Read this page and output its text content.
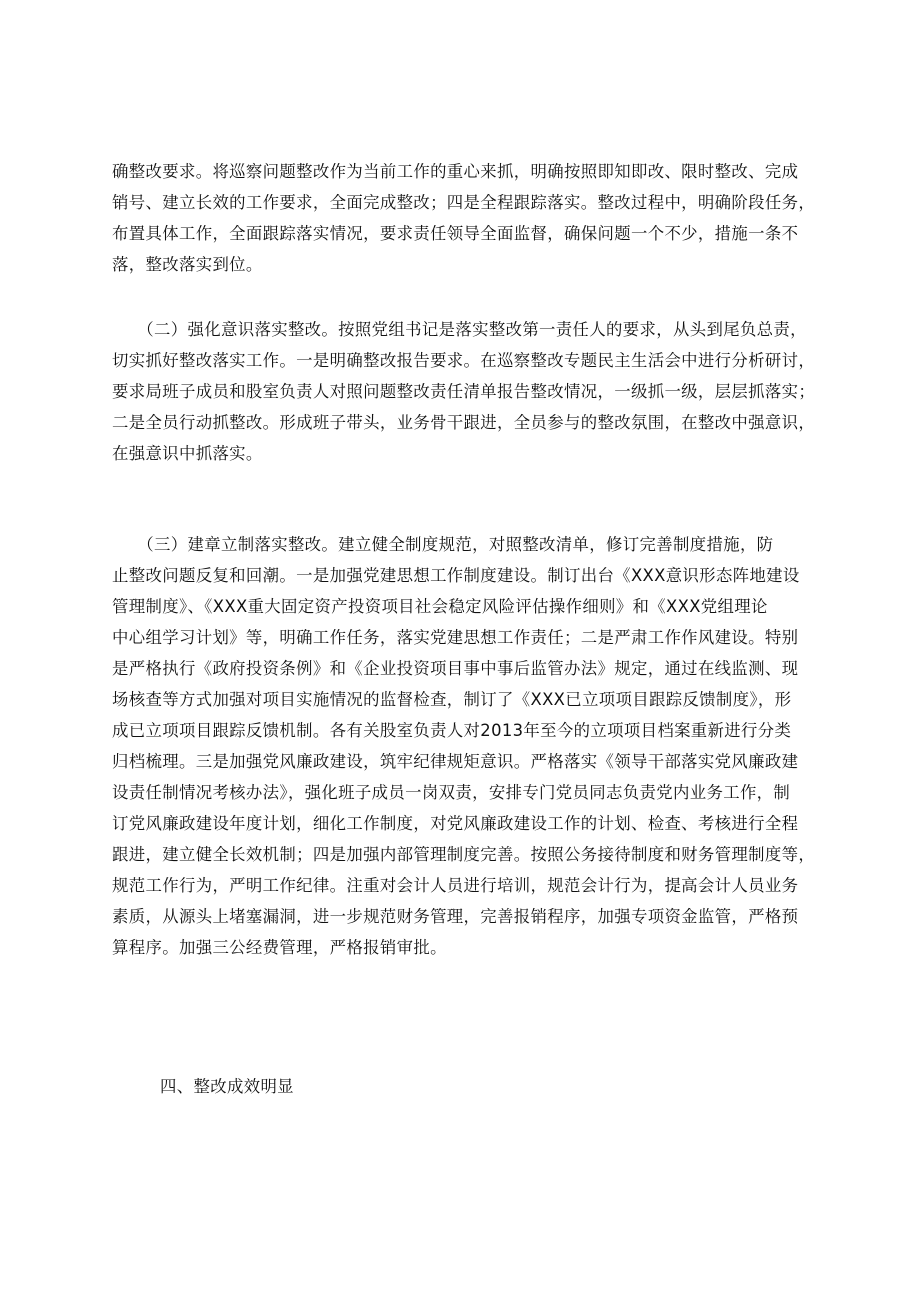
确整改要求。将巡察问题整改作为当前工作的重心来抓，明确按照即知即改、限时整改、完成
销号、建立长效的工作要求，全面完成整改；四是全程跟踪落实。整改过程中，明确阶段任务，
布置具体工作，全面跟踪落实情况，要求责任领导全面监督，确保问题一个不少，措施一条不
落，整改落实到位。
　　（二）强化意识落实整改。按照党组书记是落实整改第一责任人的要求，从头到尾负总责，
切实抓好整改落实工作。一是明确整改报告要求。在巡察整改专题民主生活会中进行分析研讨，
要求局班子成员和股室负责人对照问题整改责任清单报告整改情况，一级抓一级，层层抓落实；
二是全员行动抓整改。形成班子带头，业务骨干跟进，全员参与的整改氛围，在整改中强意识，
在强意识中抓落实。
　　（三）建章立制落实整改。建立健全制度规范，对照整改清单，修订完善制度措施，防
止整改问题反复和回潮。一是加强党建思想工作制度建设。制订出台《XXX意识形态阵地建设
管理制度》、《XXX重大固定资产投资项目社会稳定风险评估操作细则》和《XXX党组理论
中心组学习计划》等，明确工作任务，落实党建思想工作责任；二是严肃工作作风建设。特别
是严格执行《政府投资条例》和《企业投资项目事中事后监管办法》规定，通过在线监测、现
场核查等方式加强对项目实施情况的监督检查，制订了《XXX已立项项目跟踪反馈制度》，形
成已立项项目跟踪反馈机制。各有关股室负责人对2013年至今的立项项目档案重新进行分类
归档梳理。三是加强党风廉政建设，筑牢纪律规矩意识。严格落实《领导干部落实党风廉政建
设责任制情况考核办法》，强化班子成员一岗双责，安排专门党员同志负责党内业务工作，制
订党风廉政建设年度计划，细化工作制度，对党风廉政建设工作的计划、检查、考核进行全程
跟进，建立健全长效机制；四是加强内部管理制度完善。按照公务接待制度和财务管理制度等，
规范工作行为，严明工作纪律。注重对会计人员进行培训，规范会计行为，提高会计人员业务
素质，从源头上堵塞漏洞，进一步规范财务管理，完善报销程序，加强专项资金监管，严格预
算程序。加强三公经费管理，严格报销审批。
四、整改成效明显
